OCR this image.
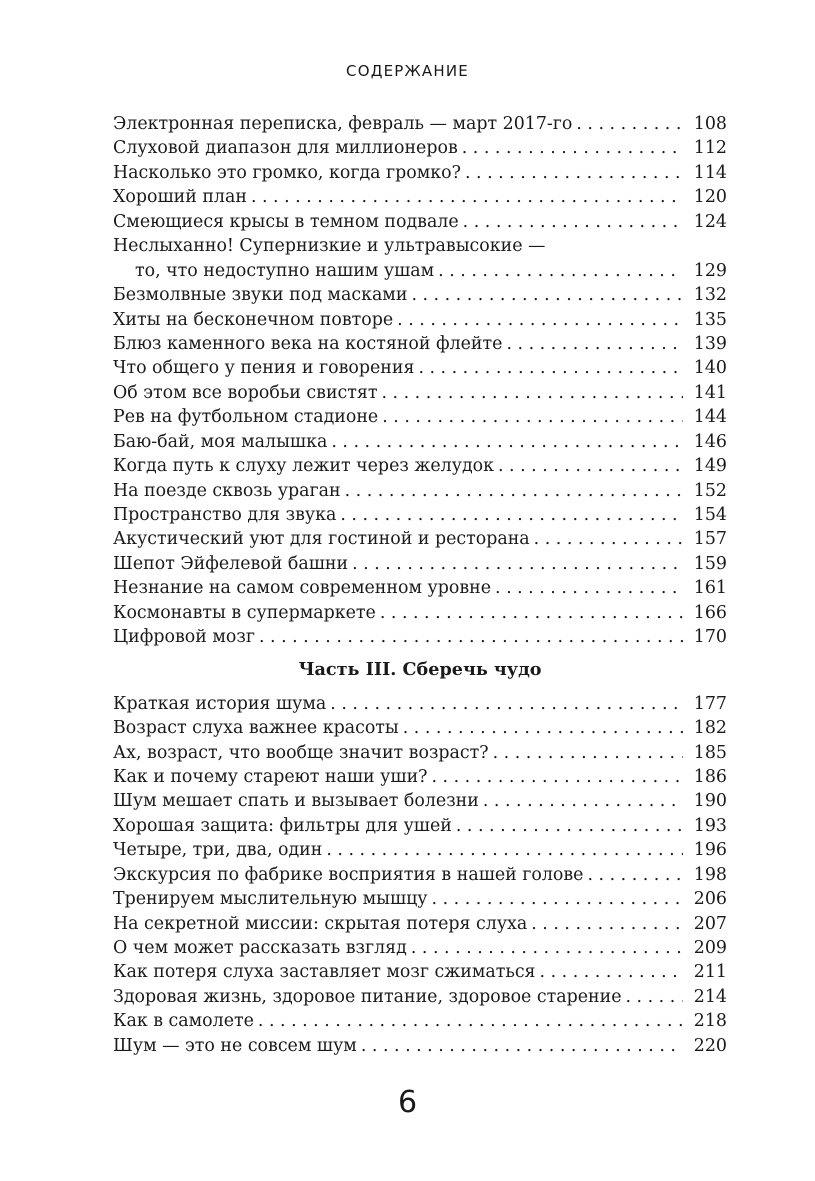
СОДЕРЖАНИЕ
Электронная переписка, февраль — март 2017-го . . .	108
Слуховой диапазон для миллионеров . . .	112
Насколько это громко, когда громко? . . .	114
Хороший план . . .	120
Смеющиеся крысы в темном подвале . . .	124
Неслыханно! Супернизкие и ультравысокие —
то, что недоступно нашим ушам . . .	129
Безмолвные звуки под масками . . .	132
Хиты на бесконечном повторе . . .	135
Блюз каменного века на костяной флейте . . .	139
Что общего у пения и говорения . . .	140
Об этом все воробьи свистят . . .	141
Рев на футбольном стадионе . . .	144
Баю-бай, моя малышка . . .	146
Когда путь к слуху лежит через желудок . . .	149
На поезде сквозь ураган . . .	152
Пространство для звука . . .	154
Акустический уют для гостиной и ресторана . . .	157
Шепот Эйфелевой башни . . .	159
Незнание на самом современном уровне . . .	161
Космонавты в супермаркете . . .	166
Цифровой мозг . . .	170
Часть III. Сберечь чудо
Краткая история шума . . .	177
Возраст слуха важнее красоты . . .	182
Ах, возраст, что вообще значит возраст? . . .	185
Как и почему стареют наши уши? . . .	186
Шум мешает спать и вызывает болезни . . .	190
Хорошая защита: фильтры для ушей . . .	193
Четыре, три, два, один . . .	196
Экскурсия по фабрике восприятия в нашей голове . . .	198
Тренируем мыслительную мышцу . . .	206
На секретной миссии: скрытая потеря слуха . . .	207
О чем может рассказать взгляд . . .	209
Как потеря слуха заставляет мозг сжиматься . . .	211
Здоровая жизнь, здоровое питание, здоровое старение . . .	214
Как в самолете . . .	218
Шум — это не совсем шум . . .	220
6
